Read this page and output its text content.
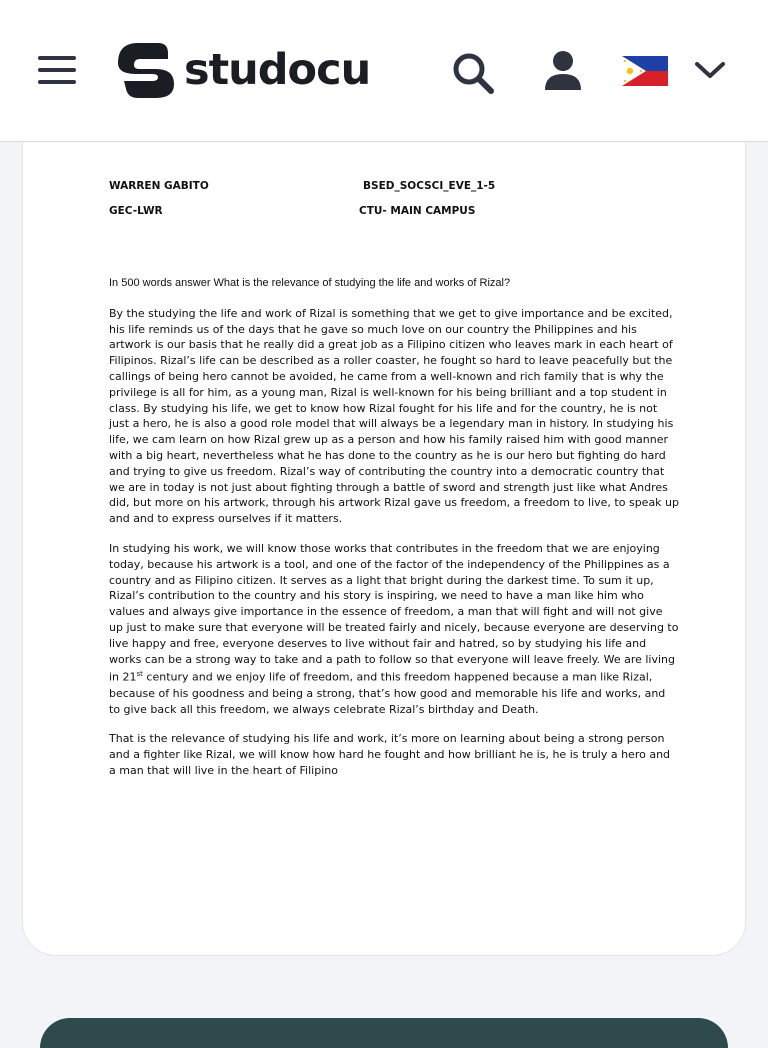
studocu
WARREN GABITO	BSED_SOCSCI_EVE_1-5
GEC-LWR	CTU- MAIN CAMPUS

In 500 words answer What is the relevance of studying the life and works of Rizal?

By the studying the life and work of Rizal is something that we get to give importance and be excited, his life reminds us of the days that he gave so much love on our country the Philippines and his artwork is our basis that he really did a great job as a Filipino citizen who leaves mark in each heart of Filipinos. Rizal’s life can be described as a roller coaster, he fought so hard to leave peacefully but the callings of being hero cannot be avoided, he came from a well-known and rich family that is why the privilege is all for him, as a young man, Rizal is well-known for his being brilliant and a top student in class. By studying his life, we get to know how Rizal fought for his life and for the country, he is not just a hero, he is also a good role model that will always be a legendary man in history. In studying his life, we cam learn on how Rizal grew up as a person and how his family raised him with good manner with a big heart, nevertheless what he has done to the country as he is our hero but fighting do hard and trying to give us freedom. Rizal’s way of contributing the country into a democratic country that we are in today is not just about fighting through a battle of sword and strength just like what Andres did, but more on his artwork, through his artwork Rizal gave us freedom, a freedom to live, to speak up and and to express ourselves if it matters.

In studying his work, we will know those works that contributes in the freedom that we are enjoying today, because his artwork is a tool, and one of the factor of the independency of the Philippines as a country and as Filipino citizen. It serves as a light that bright during the darkest time. To sum it up, Rizal’s contribution to the country and his story is inspiring, we need to have a man like him who values and always give importance in the essence of freedom, a man that will fight and will not give up just to make sure that everyone will be treated fairly and nicely, because everyone are deserving to live happy and free, everyone deserves to live without fair and hatred, so by studying his life and works can be a strong way to take and a path to follow so that everyone will leave freely. We are living in 21st century and we enjoy life of freedom, and this freedom happened because a man like Rizal, because of his goodness and being a strong, that’s how good and memorable his life and works, and to give back all this freedom, we always celebrate Rizal’s birthday and Death.

That is the relevance of studying his life and work, it’s more on learning about being a strong person and a fighter like Rizal, we will know how hard he fought and how brilliant he is, he is truly a hero and a man that will live in the heart of Filipino
